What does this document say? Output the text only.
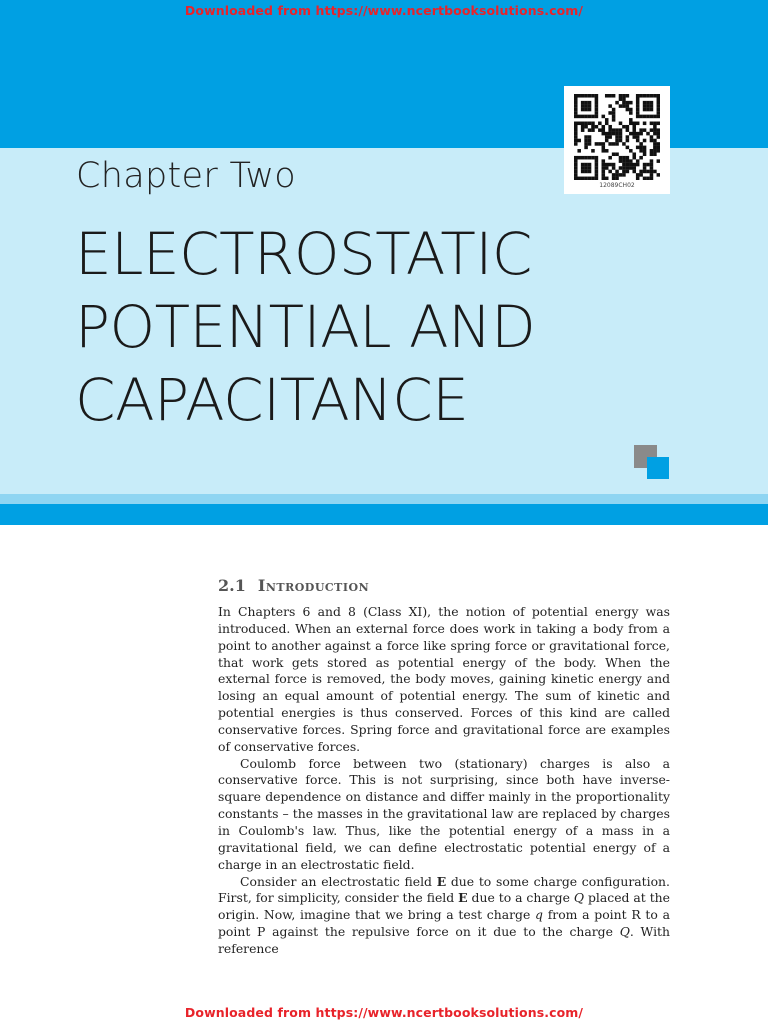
Downloaded from https://www.ncertbooksolutions.com/
12089CH02
Chapter Two
ELECTROSTATIC
POTENTIAL AND
CAPACITANCE
2.1 Introduction

In Chapters 6 and 8 (Class XI), the notion of potential energy was introduced. When an external force does work in taking a body from a point to another against a force like spring force or gravitational force, that work gets stored as potential energy of the body. When the external force is removed, the body moves, gaining kinetic energy and losing an equal amount of potential energy. The sum of kinetic and potential energies is thus conserved. Forces of this kind are called conservative forces. Spring force and gravitational force are examples of conservative forces.

Coulomb force between two (stationary) charges is also a conservative force. This is not surprising, since both have inverse-square dependence on distance and differ mainly in the proportionality constants – the masses in the gravitational law are replaced by charges in Coulomb's law. Thus, like the potential energy of a mass in a gravitational field, we can define electrostatic potential energy of a charge in an electrostatic field.

Consider an electrostatic field E due to some charge configuration. First, for simplicity, consider the field E due to a charge Q placed at the origin. Now, imagine that we bring a test charge q from a point R to a point P against the repulsive force on it due to the charge Q. With reference

Downloaded from https://www.ncertbooksolutions.com/
